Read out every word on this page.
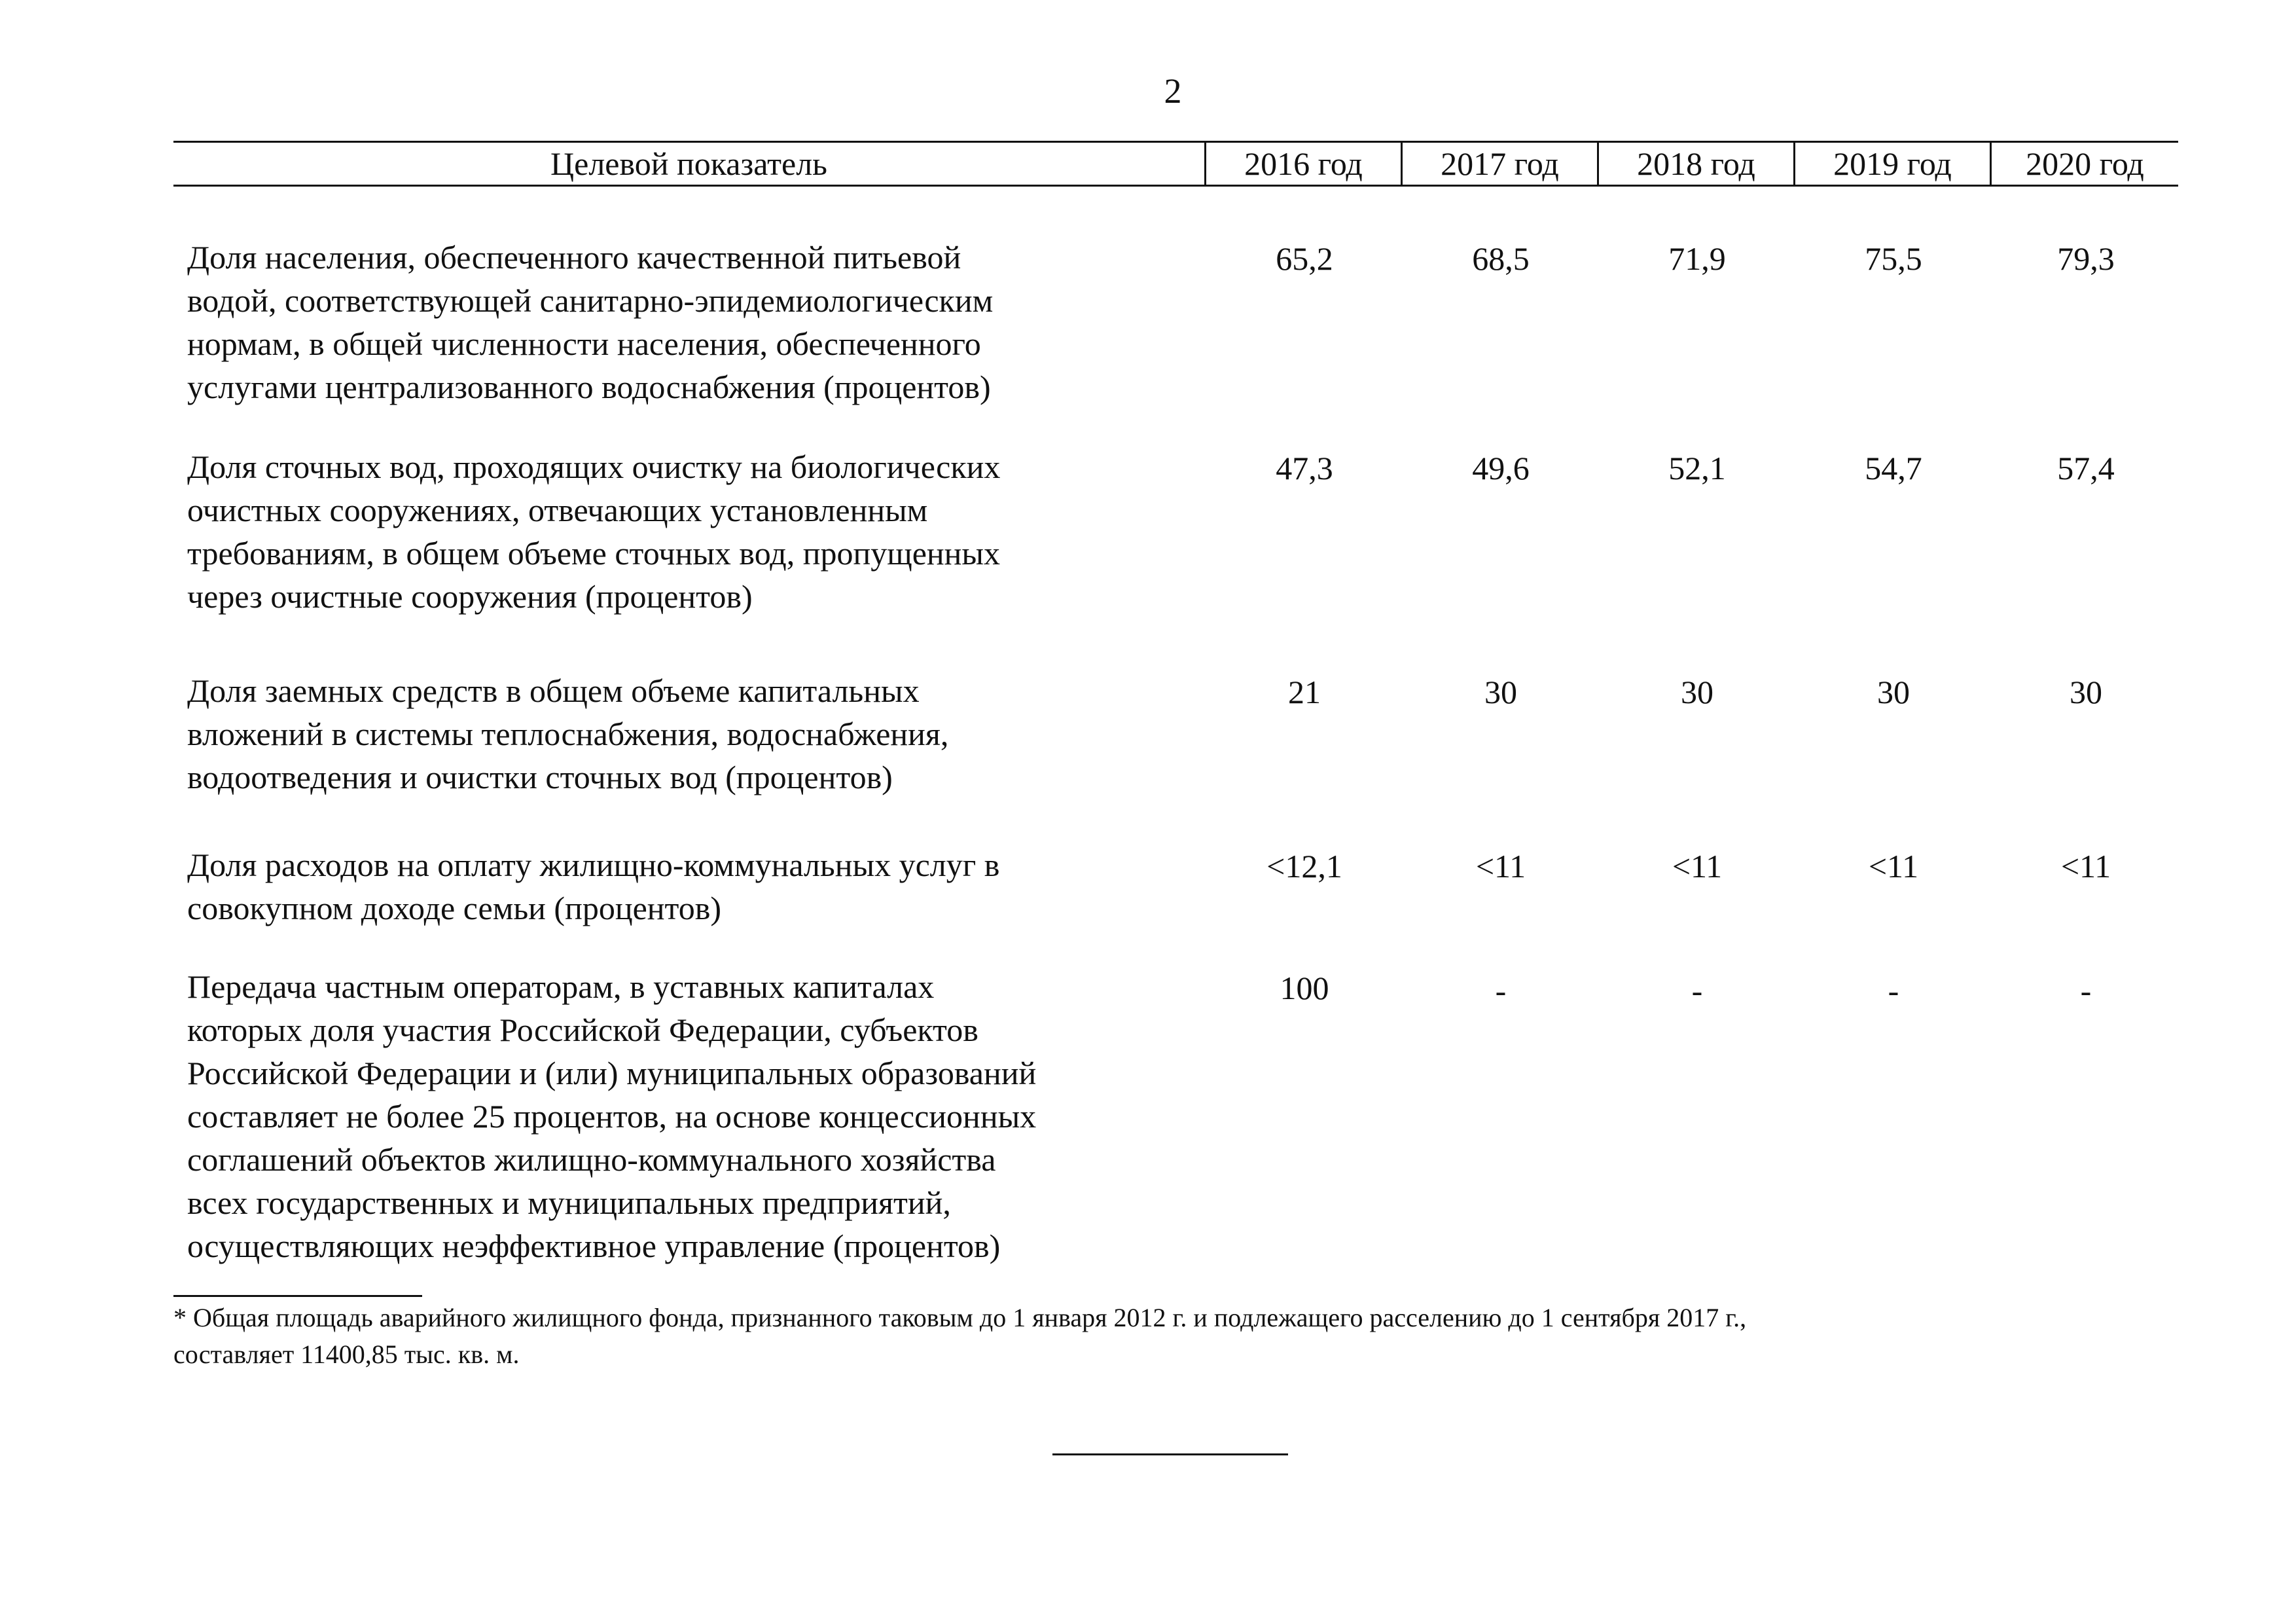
2
Целевой показатель	2016 год	2017 год	2018 год	2019 год	2020 год
Доля населения, обеспеченного качественной питьевой
водой, соответствующей санитарно-эпидемиологическим
нормам, в общей численности населения, обеспеченного
услугами централизованного водоснабжения (процентов)
65,2	68,5	71,9	75,5	79,3
Доля сточных вод, проходящих очистку на биологических
очистных сооружениях, отвечающих установленным
требованиям, в общем объеме сточных вод, пропущенных
через очистные сооружения (процентов)
47,3	49,6	52,1	54,7	57,4
Доля заемных средств в общем объеме капитальных
вложений в системы теплоснабжения, водоснабжения,
водоотведения и очистки сточных вод (процентов)
21	30	30	30	30
Доля расходов на оплату жилищно-коммунальных услуг в
совокупном доходе семьи (процентов)
<12,1	<11	<11	<11	<11
Передача частным операторам, в уставных капиталах
которых доля участия Российской Федерации, субъектов
Российской Федерации и (или) муниципальных образований
составляет не более 25 процентов, на основе концессионных
соглашений объектов жилищно-коммунального хозяйства
всех государственных и муниципальных предприятий,
осуществляющих неэффективное управление (процентов)
100	-	-	-	-
* Общая площадь аварийного жилищного фонда, признанного таковым до 1 января 2012 г. и подлежащего расселению до 1 сентября 2017 г.,
составляет 11400,85 тыс. кв. м.
